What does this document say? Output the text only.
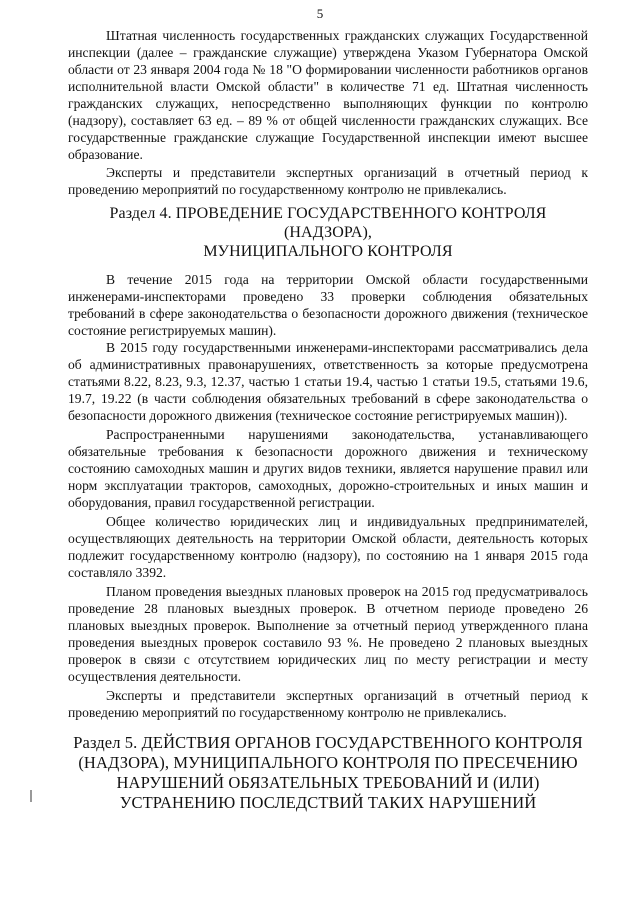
5

Штатная численность государственных гражданских служащих Государственной инспекции (далее – гражданские служащие) утверждена Указом Губернатора Омской области от 23 января 2004 года № 18 "О формировании численности работников органов исполнительной власти Омской области" в количестве 71 ед. Штатная численность гражданских служащих, непосредственно выполняющих функции по контролю (надзору), составляет 63 ед. – 89 % от общей численности гражданских служащих. Все государственные гражданские служащие Государственной инспекции имеют высшее образование.

Эксперты и представители экспертных организаций в отчетный период к проведению мероприятий по государственному контролю не привлекались.

Раздел 4. ПРОВЕДЕНИЕ ГОСУДАРСТВЕННОГО КОНТРОЛЯ
(НАДЗОРА),
МУНИЦИПАЛЬНОГО КОНТРОЛЯ

В течение 2015 года на территории Омской области государственными инженерами-инспекторами проведено 33 проверки соблюдения обязательных требований в сфере законодательства о безопасности дорожного движения (техническое состояние регистрируемых машин).

В 2015 году государственными инженерами-инспекторами рассматривались дела об административных правонарушениях, ответственность за которые предусмотрена статьями 8.22, 8.23, 9.3, 12.37, частью 1 статьи 19.4, частью 1 статьи 19.5, статьями 19.6, 19.7, 19.22 (в части соблюдения обязательных требований в сфере законодательства о безопасности дорожного движения (техническое состояние регистрируемых машин)).

Распространенными нарушениями законодательства, устанавливающего обязательные требования к безопасности дорожного движения и техническому состоянию самоходных машин и других видов техники, является нарушение правил или норм эксплуатации тракторов, самоходных, дорожно-строительных и иных машин и оборудования, правил государственной регистрации.

Общее количество юридических лиц и индивидуальных предпринимателей, осуществляющих деятельность на территории Омской области, деятельность которых подлежит государственному контролю (надзору), по состоянию на 1 января 2015 года составляло 3392.

Планом проведения выездных плановых проверок на 2015 год предусматривалось проведение 28 плановых выездных проверок. В отчетном периоде проведено 26 плановых выездных проверок. Выполнение за отчетный период утвержденного плана проведения выездных проверок составило 93 %. Не проведено 2 плановых выездных проверок в связи с отсутствием юридических лиц по месту регистрации и месту осуществления деятельности.

Эксперты и представители экспертных организаций в отчетный период к проведению мероприятий по государственному контролю не привлекались.

Раздел 5. ДЕЙСТВИЯ ОРГАНОВ ГОСУДАРСТВЕННОГО КОНТРОЛЯ
(НАДЗОРА), МУНИЦИПАЛЬНОГО КОНТРОЛЯ ПО ПРЕСЕЧЕНИЮ
НАРУШЕНИЙ ОБЯЗАТЕЛЬНЫХ ТРЕБОВАНИЙ И (ИЛИ)
УСТРАНЕНИЮ ПОСЛЕДСТВИЙ ТАКИХ НАРУШЕНИЙ
